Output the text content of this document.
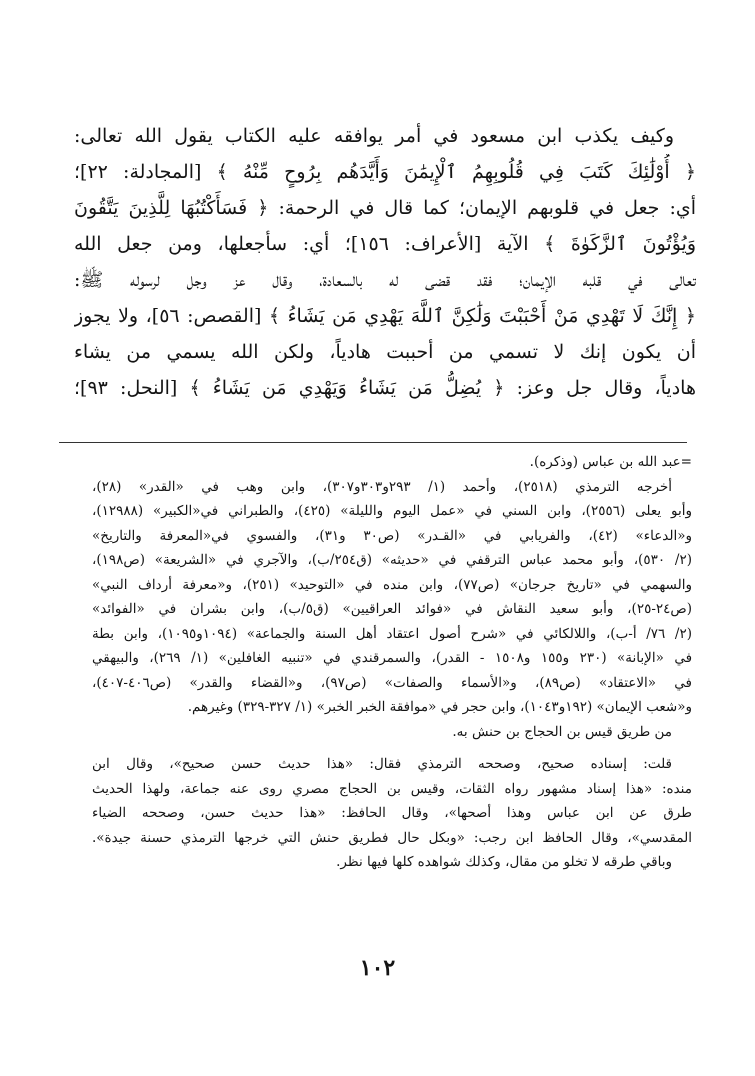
وكيف يكذب ابن مسعود في أمر يوافقه عليه الكتاب يقول الله تعالى:
﴿ أُوْلَٰئِكَ كَتَبَ فِي قُلُوبِهِمُ ٱلْإِيمَٰنَ وَأَيَّدَهُم بِرُوحٍ مِّنْهُ ﴾ [المجادلة: ٢٢]؛
أي: جعل في قلوبهم الإيمان؛ كما قال في الرحمة: ﴿ فَسَأَكْتُبُهَا لِلَّذِينَ يَتَّقُونَ
وَيُؤْتُونَ ٱلزَّكَوٰةَ ﴾ الآية [الأعراف: ١٥٦]؛ أي: سأجعلها، ومن جعل الله
تعالى في قلبه الإيمان؛ فقد قضى له بالسعادة، وقال عز وجل لرسوله ﷺ:
﴿ إِنَّكَ لَا تَهْدِي مَنْ أَحْبَبْتَ وَلَٰكِنَّ ٱللَّهَ يَهْدِي مَن يَشَاءُ ﴾ [القصص: ٥٦]، ولا يجوز
أن يكون إنك لا تسمي من أحببت هادياً، ولكن الله يسمي من يشاء
هادياً، وقال جل وعز: ﴿ يُضِلُّ مَن يَشَاءُ وَيَهْدِي مَن يَشَاءُ ﴾ [النحل: ٩٣]؛
=عبد الله بن عباس (وذكره).
أخرجه الترمذي (٢٥١٨)، وأحمد (١/ ٢٩٣و٣٠٣و٣٠٧)، وابن وهب في «القدر» (٢٨)،
وأبو يعلى (٢٥٥٦)، وابن السني في «عمل اليوم والليلة» (٤٢٥)، والطبراني في«الكبير» (١٢٩٨٨)،
و«الدعاء» (٤٢)، والفريابي في «القـدر» (ص٣٠ و٣١)، والفسوي في«المعرفة والتاريخ»
(٢/ ٥٣٠)، وأبو محمد عباس الترقفي في «حديثه» (ق٢٥٤/ب)، والآجري في «الشريعة» (ص١٩٨)،
والسهمي في «تاريخ جرجان» (ص٧٧)، وابن منده في «التوحيد» (٢٥١)، و«معرفة أرداف النبي»
(ص٢٤-٢٥)، وأبو سعيد النقاش في «فوائد العراقيين» (ق٥/ب)، وابن بشران في «الفوائد»
(٢/ ٧٦/ أ-ب)، واللالكائي في «شرح أصول اعتقاد أهل السنة والجماعة» (١٠٩٤و١٠٩٥)، وابن بطة
في «الإبانة» (٢٣٠ و١٥٥ و١٥٠٨ - القدر)، والسمرقندي في «تنبيه الغافلين» (١/ ٢٦٩)، والبيهقي
في «الاعتقاد» (ص٨٩)، و«الأسماء والصفات» (ص٩٧)، و«القضاء والقدر» (ص٤٠٦-٤٠٧)،
و«شعب الإيمان» (١٩٢و١٠٤٣)، وابن حجر في «موافقة الخبر الخبر» (١/ ٣٢٧-٣٢٩) وغيرهم.
من طريق قيس بن الحجاج بن حنش به.
قلت: إسناده صحيح، وصححه الترمذي فقال: «هذا حديث حسن صحيح»، وقال ابن
منده: «هذا إسناد مشهور رواه الثقات، وقيس بن الحجاج مصري روى عنه جماعة، ولهذا الحديث
طرق عن ابن عباس وهذا أصحها»، وقال الحافظ: «هذا حديث حسن، وصححه الضياء
المقدسي»، وقال الحافظ ابن رجب: «وبكل حال فطريق حنش التي خرجها الترمذي حسنة جيدة».
وباقي طرقه لا تخلو من مقال، وكذلك شواهده كلها فيها نظر.
١٠٢
